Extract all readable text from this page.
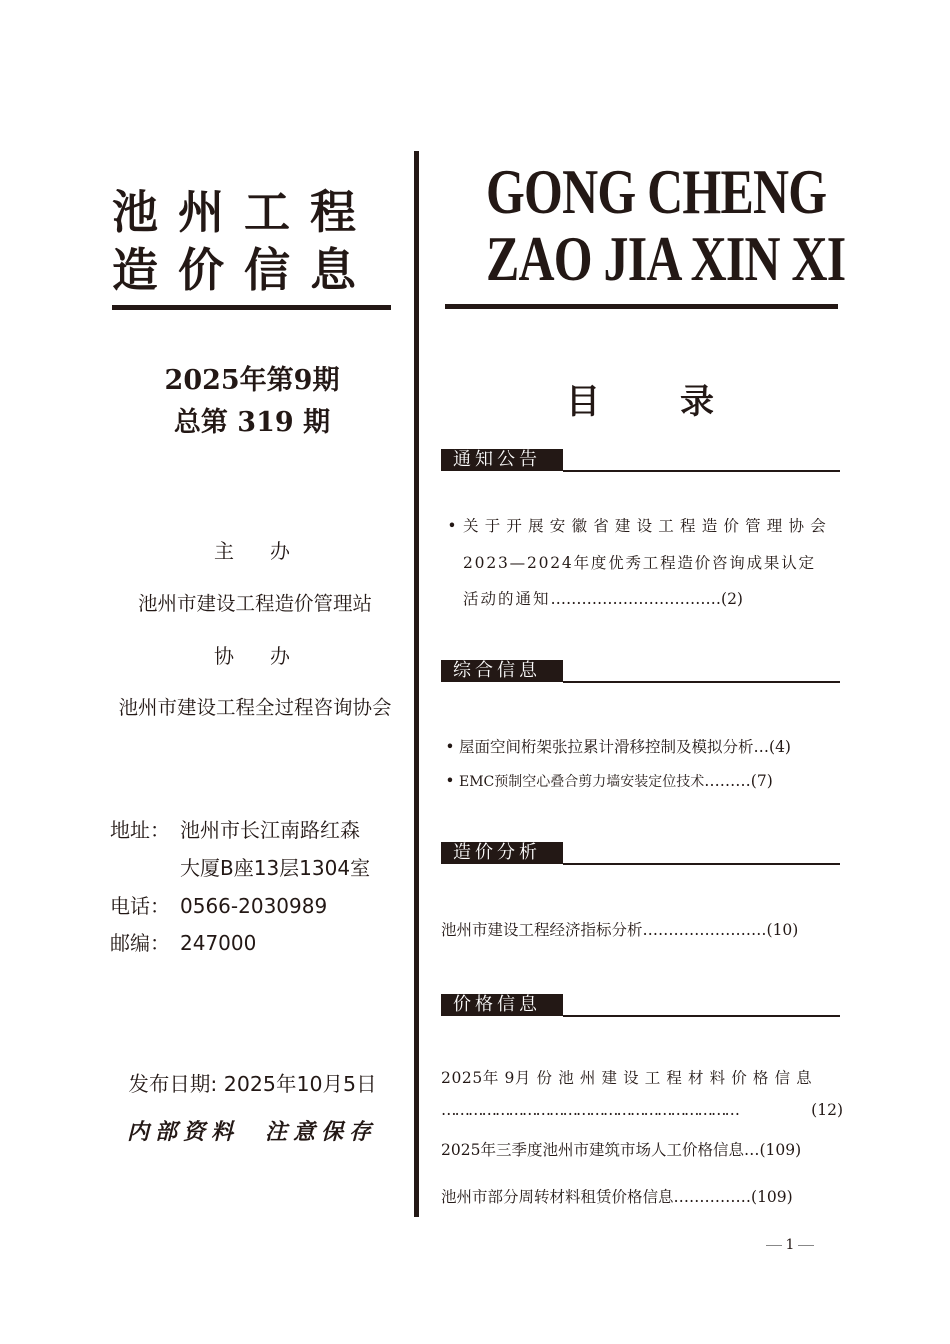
池州工程
造价信息
2025年第9期
总第 319 期
主 办
池州市建设工程造价管理站
协 办
池州市建设工程全过程咨询协会
地址： 池州市长江南路红森
大厦B座13层1304室
电话： 0566-2030989
邮编： 247000
发布日期: 2025年10月5日
内部资料 注意保存
GONG CHENG
ZAO JIA XIN XI
目 录
通知公告
• 关于开展安徽省建设工程造价管理协会
2023—2024年度优秀工程造价咨询成果认定
活动的通知……………………………(2)
综合信息
• 屋面空间桁架张拉累计滑移控制及模拟分析…(4)
• EMC预制空心叠合剪力墙安装定位技术………(7)
造价分析
池州市建设工程经济指标分析……………………(10)
价格信息
2025年 9月 份 池 州 建 设 工 程 材 料 价 格 信 息
…………………………………………………………	(12)
2025年三季度池州市建筑市场人工价格信息…(109)
池州市部分周转材料租赁价格信息……………(109)
1
